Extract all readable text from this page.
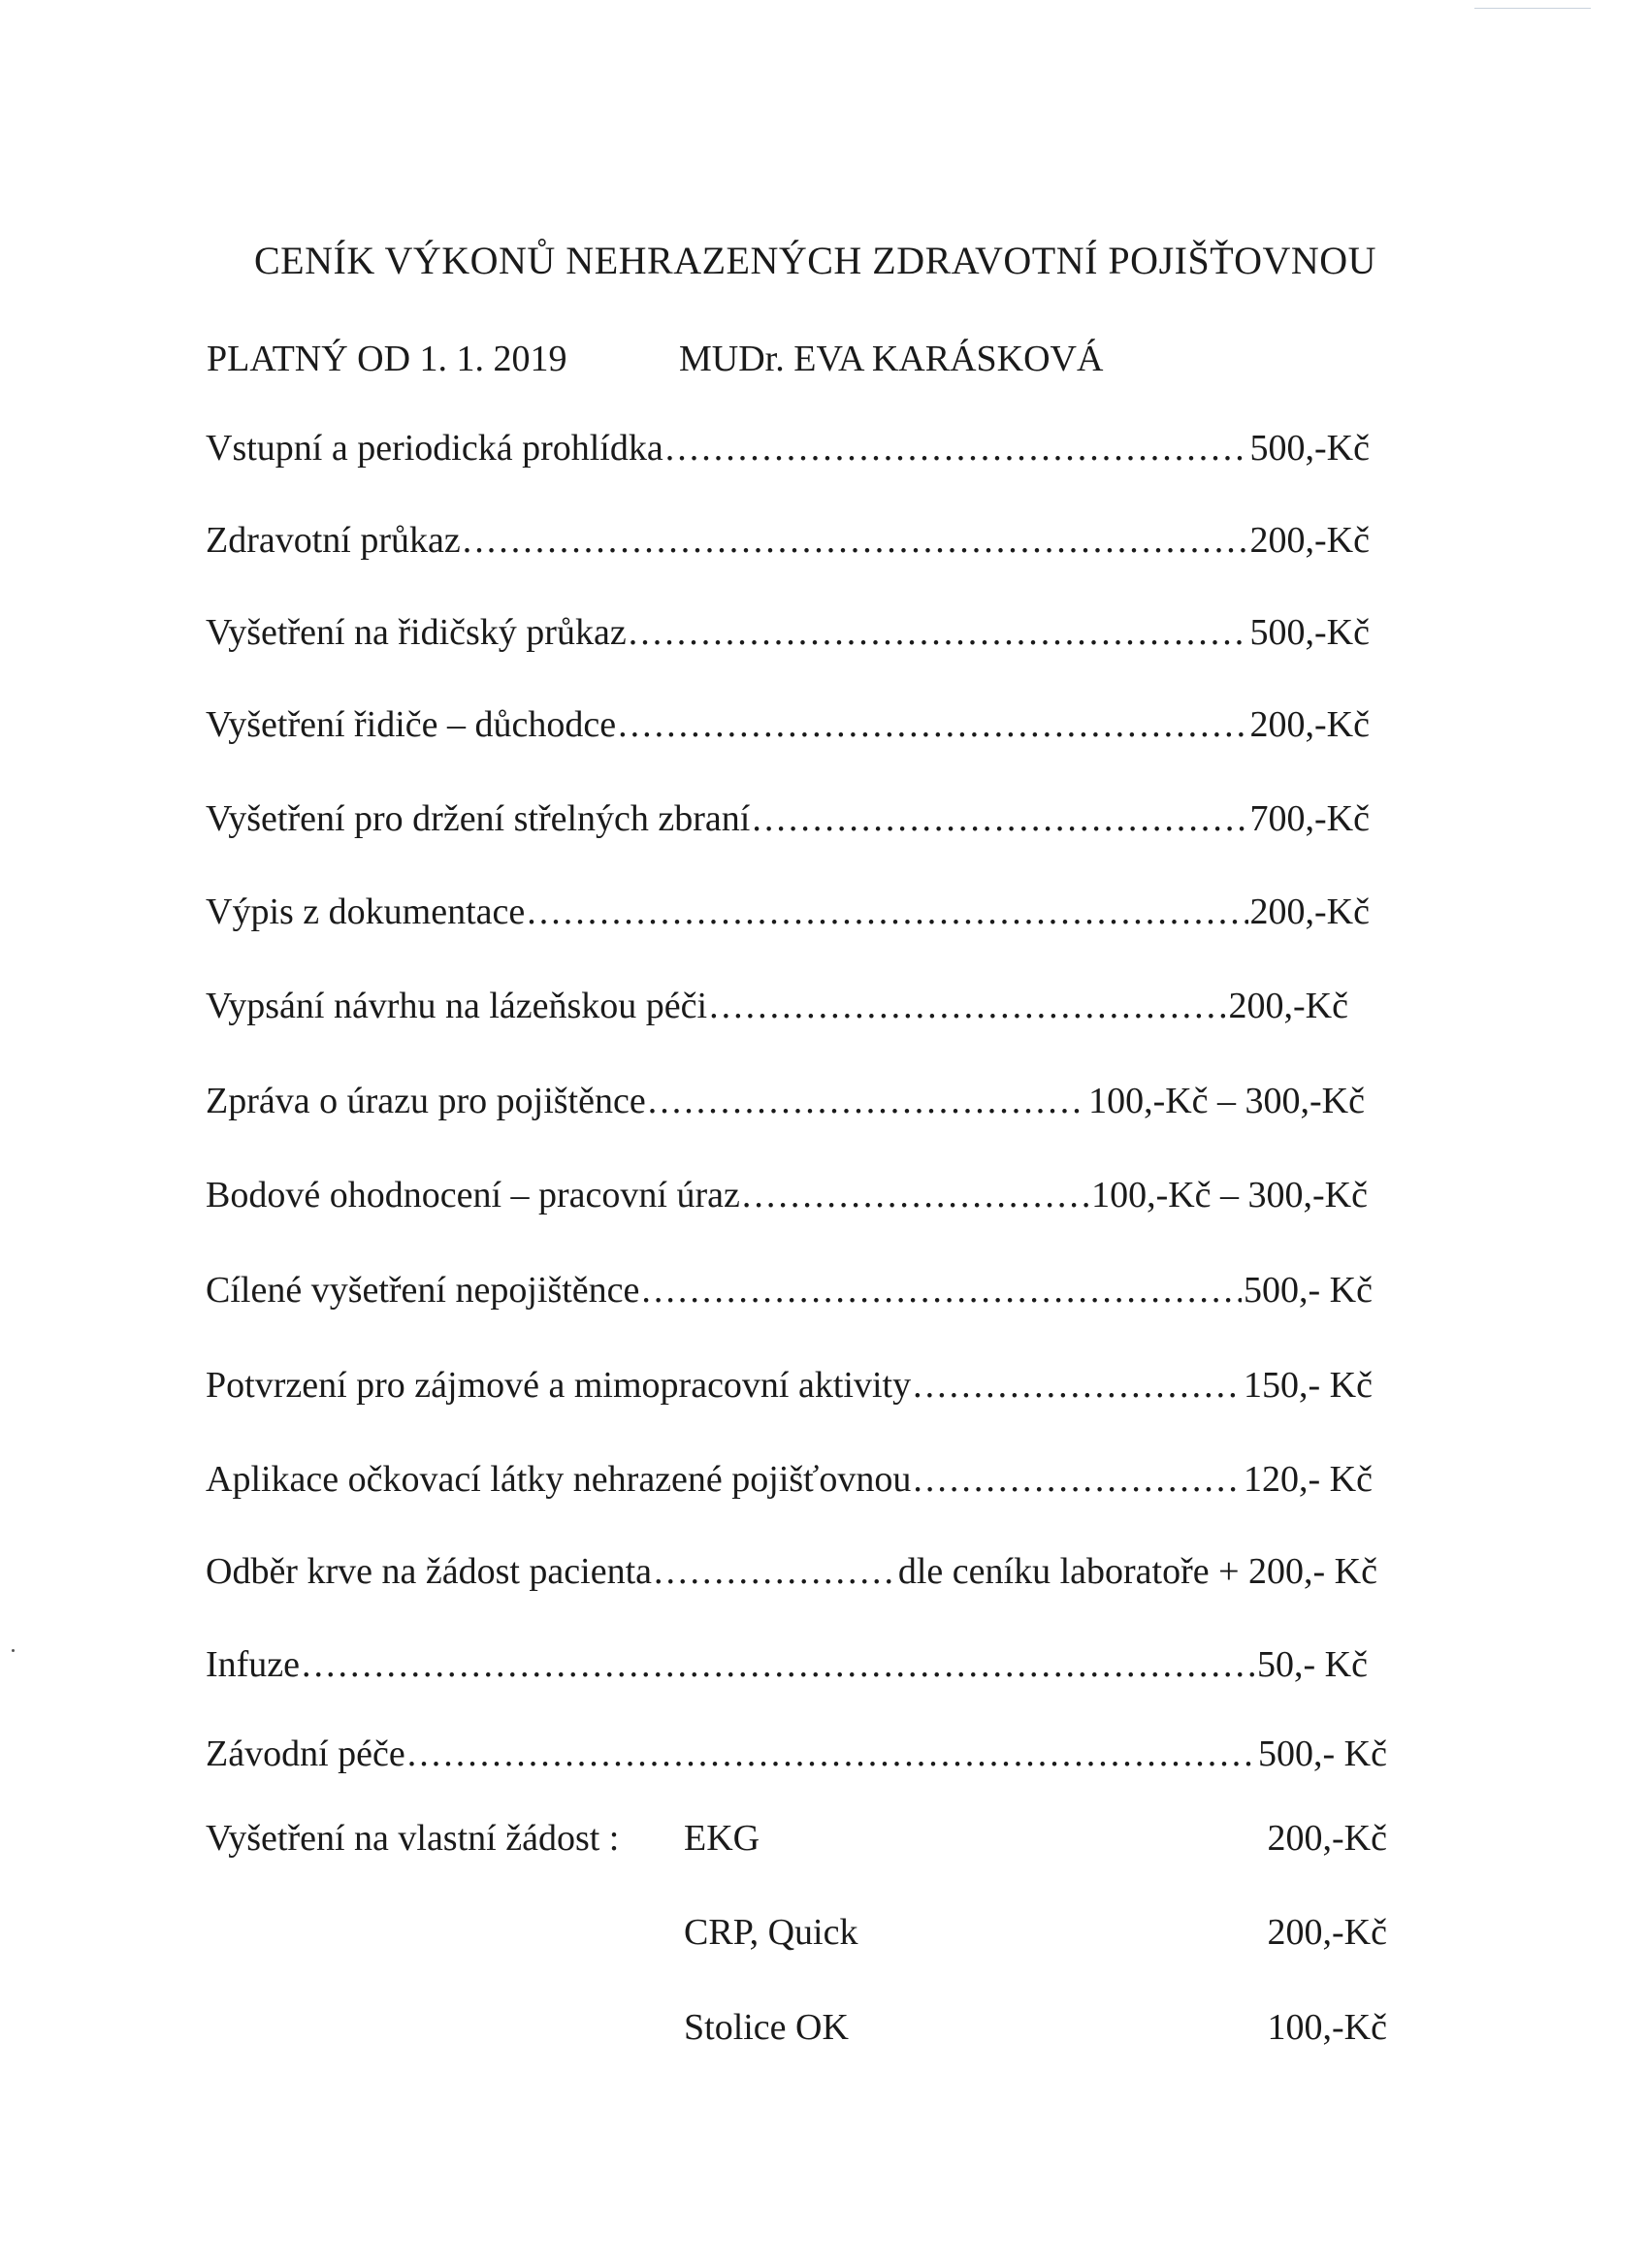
CENÍK VÝKONŮ NEHRAZENÝCH ZDRAVOTNÍ POJIŠŤOVNOU
PLATNÝ OD 1. 1. 2019	MUDr. EVA KARÁSKOVÁ
Vstupní a periodická prohlídka .....	500,-Kč
Zdravotní průkaz .....	200,-Kč
Vyšetření na řidičský průkaz .....	500,-Kč
Vyšetření řidiče – důchodce .....	200,-Kč
Vyšetření pro držení střelných zbraní .....	700,-Kč
Výpis z dokumentace .....	200,-Kč
Vypsání návrhu na lázeňskou péči .....	200,-Kč
Zpráva o úrazu pro pojištěnce .....	100,-Kč – 300,-Kč
Bodové ohodnocení – pracovní úraz .....	100,-Kč – 300,-Kč
Cílené vyšetření nepojištěnce .....	500,- Kč
Potvrzení pro zájmové a mimopracovní aktivity .....	150,- Kč
Aplikace očkovací látky nehrazené pojišťovnou .....	120,- Kč
Odběr krve na žádost pacienta .....	dle ceníku laboratoře + 200,- Kč
Infuze .....	50,- Kč
Závodní péče .....	500,- Kč
Vyšetření na vlastní žádost : EKG	200,-Kč
CRP, Quick	200,-Kč
Stolice OK	100,-Kč
